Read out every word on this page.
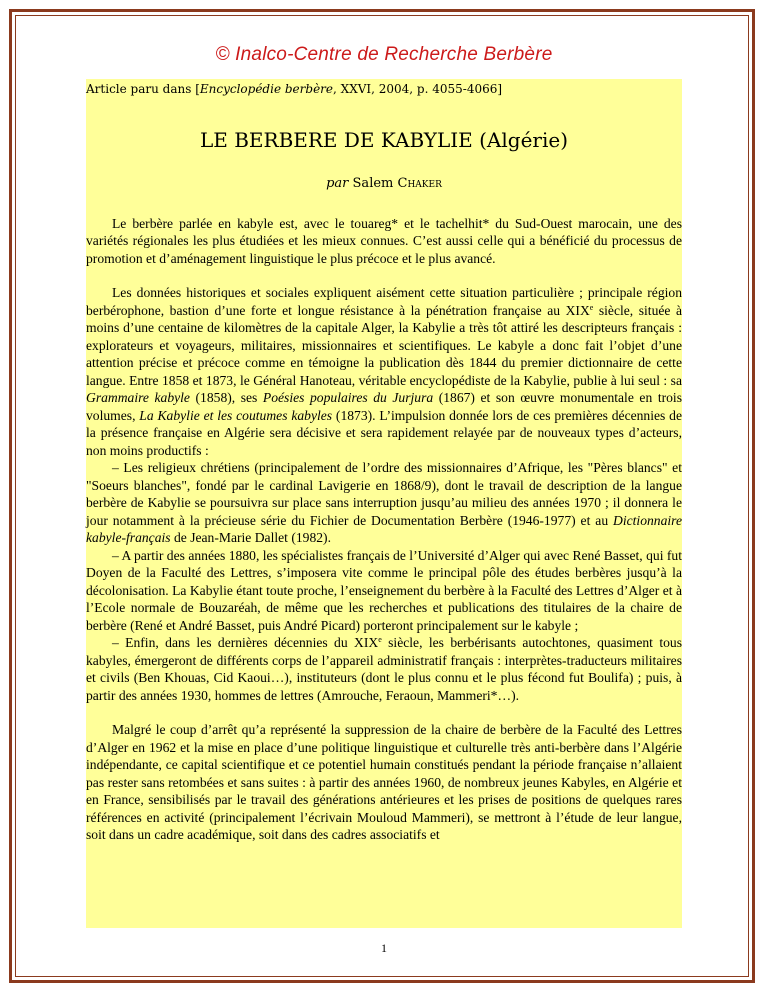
© Inalco-Centre de Recherche Berbère

Article paru dans [Encyclopédie berbère, XXVI, 2004, p. 4055-4066]

LE BERBERE DE KABYLIE (Algérie)

par Salem Chaker

Le berbère parlée en kabyle est, avec le touareg* et le tachelhit* du Sud-Ouest marocain, une des variétés régionales les plus étudiées et les mieux connues. C’est aussi celle qui a bénéficié du processus de promotion et d’aménagement linguistique le plus précoce et le plus avancé.

Les données historiques et sociales expliquent aisément cette situation particulière ; principale région berbérophone, bastion d’une forte et longue résistance à la pénétration française au XIXe siècle, située à moins d’une centaine de kilomètres de la capitale Alger, la Kabylie a très tôt attiré les descripteurs français : explorateurs et voyageurs, militaires, missionnaires et scientifiques. Le kabyle a donc fait l’objet d’une attention précise et précoce comme en témoigne la publication dès 1844 du premier dictionnaire de cette langue. Entre 1858 et 1873, le Général Hanoteau, véritable encyclopédiste de la Kabylie, publie à lui seul : sa Grammaire kabyle (1858), ses Poésies populaires du Jurjura (1867) et son œuvre monumentale en trois volumes, La Kabylie et les coutumes kabyles (1873). L’impulsion donnée lors de ces premières décennies de la présence française en Algérie sera décisive et sera rapidement relayée par de nouveaux types d’acteurs, non moins productifs :

– Les religieux chrétiens (principalement de l’ordre des missionnaires d’Afrique, les "Pères blancs" et "Soeurs blanches", fondé par le cardinal Lavigerie en 1868/9), dont le travail de description de la langue berbère de Kabylie se poursuivra sur place sans interruption jusqu’au milieu des années 1970 ; il donnera le jour notamment à la précieuse série du Fichier de Documentation Berbère (1946-1977) et au Dictionnaire kabyle-français de Jean-Marie Dallet (1982).

– A partir des années 1880, les spécialistes français de l’Université d’Alger qui avec René Basset, qui fut Doyen de la Faculté des Lettres, s’imposera vite comme le principal pôle des études berbères jusqu’à la décolonisation. La Kabylie étant toute proche, l’enseignement du berbère à la Faculté des Lettres d’Alger et à l’Ecole normale de Bouzaréah, de même que les recherches et publications des titulaires de la chaire de berbère (René et André Basset, puis André Picard) porteront principalement sur le kabyle ;

– Enfin, dans les dernières décennies du XIXe siècle, les berbérisants autochtones, quasiment tous kabyles, émergeront de différents corps de l’appareil administratif français : interprètes-traducteurs militaires et civils (Ben Khouas, Cid Kaoui…), instituteurs (dont le plus connu et le plus fécond fut Boulifa) ; puis, à partir des années 1930, hommes de lettres (Amrouche, Feraoun, Mammeri*…).

Malgré le coup d’arrêt qu’a représenté la suppression de la chaire de berbère de la Faculté des Lettres d’Alger en 1962 et la mise en place d’une politique linguistique et culturelle très anti-berbère dans l’Algérie indépendante, ce capital scientifique et ce potentiel humain constitués pendant la période française n’allaient pas rester sans retombées et sans suites : à partir des années 1960, de nombreux jeunes Kabyles, en Algérie et en France, sensibilisés par le travail des générations antérieures et les prises de positions de quelques rares références en activité (principalement l’écrivain Mouloud Mammeri), se mettront à l’étude de leur langue, soit dans un cadre académique, soit dans des cadres associatifs et

1
